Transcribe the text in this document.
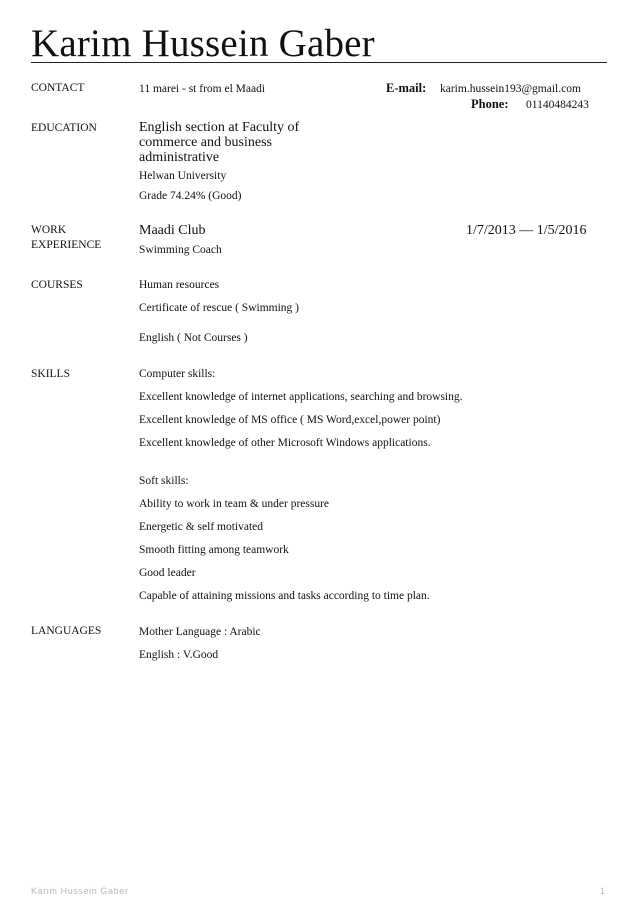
Karim Hussein Gaber
CONTACT	11 marei - st from el Maadi	E-mail: karim.hussein193@gmail.com
Phone: 01140484243
EDUCATION	English section at Faculty of
commerce and business
administrative
Helwan University
Grade 74.24% (Good)
WORK
EXPERIENCE
Maadi Club	1/7/2013 — 1/5/2016
Swimming Coach
COURSES	Human resources
Certificate of rescue ( Swimming )
English ( Not Courses )
SKILLS	Computer skills:
Excellent knowledge of internet applications, searching and browsing.
Excellent knowledge of MS office ( MS Word,excel,power point)
Excellent knowledge of other Microsoft Windows applications.
Soft skills:
Ability to work in team & under pressure
Energetic & self motivated
Smooth fitting among teamwork
Good leader
Capable of attaining missions and tasks according to time plan.
LANGUAGES	Mother Language : Arabic
English : V.Good
Karim Hussein Gaber	1
